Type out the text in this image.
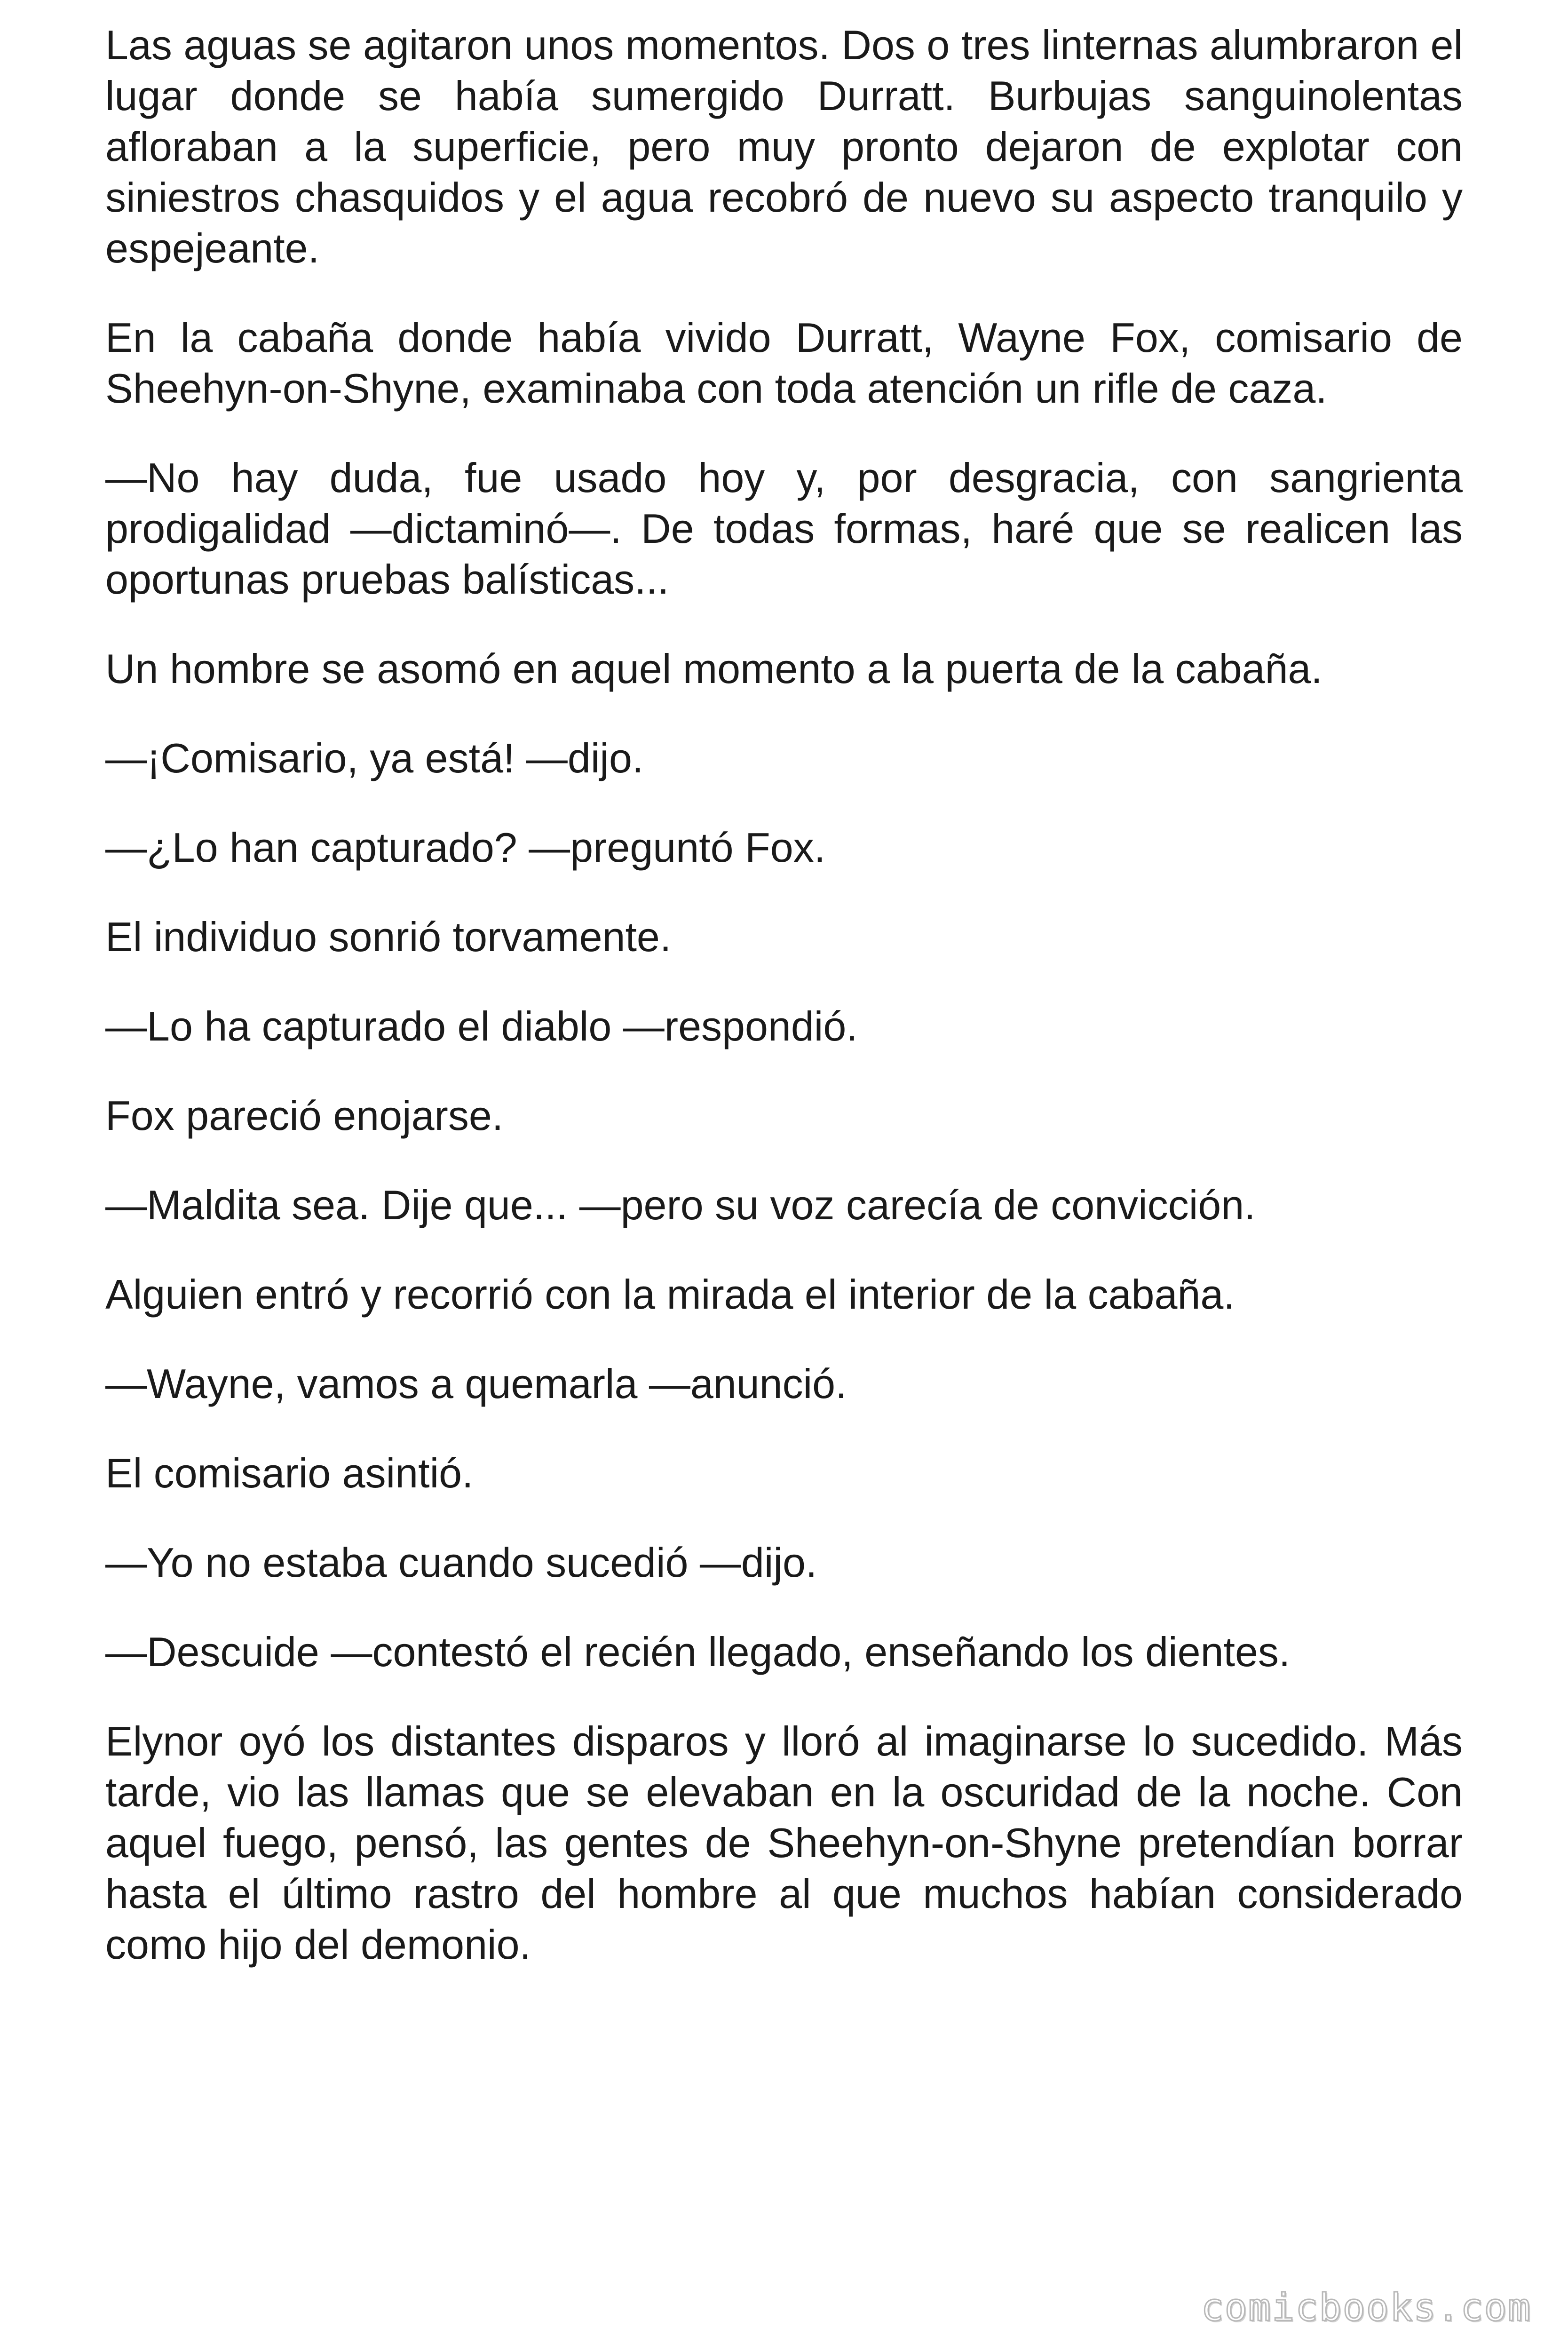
Las aguas se agitaron unos momentos. Dos o tres linternas alumbraron el lugar donde se había sumergido Durratt. Burbujas sanguinolentas afloraban a la superficie, pero muy pronto dejaron de explotar con siniestros chasquidos y el agua recobró de nuevo su aspecto tranquilo y espejeante.

En la cabaña donde había vivido Durratt, Wayne Fox, comisario de Sheehyn-on-Shyne, examinaba con toda atención un rifle de caza.

—No hay duda, fue usado hoy y, por desgracia, con sangrienta prodigalidad —dictaminó—. De todas formas, haré que se realicen las oportunas pruebas balísticas...

Un hombre se asomó en aquel momento a la puerta de la cabaña.

—¡Comisario, ya está! —dijo.

—¿Lo han capturado? —preguntó Fox.

El individuo sonrió torvamente.

—Lo ha capturado el diablo —respondió.

Fox pareció enojarse.

—Maldita sea. Dije que... —pero su voz carecía de convicción.

Alguien entró y recorrió con la mirada el interior de la cabaña.

—Wayne, vamos a quemarla —anunció.

El comisario asintió.

—Yo no estaba cuando sucedió —dijo.

—Descuide —contestó el recién llegado, enseñando los dientes.

Elynor oyó los distantes disparos y lloró al imaginarse lo sucedido. Más tarde, vio las llamas que se elevaban en la oscuridad de la noche. Con aquel fuego, pensó, las gentes de Sheehyn-on-Shyne pretendían borrar hasta el último rastro del hombre al que muchos habían considerado como hijo del demonio.

comicbooks.com
